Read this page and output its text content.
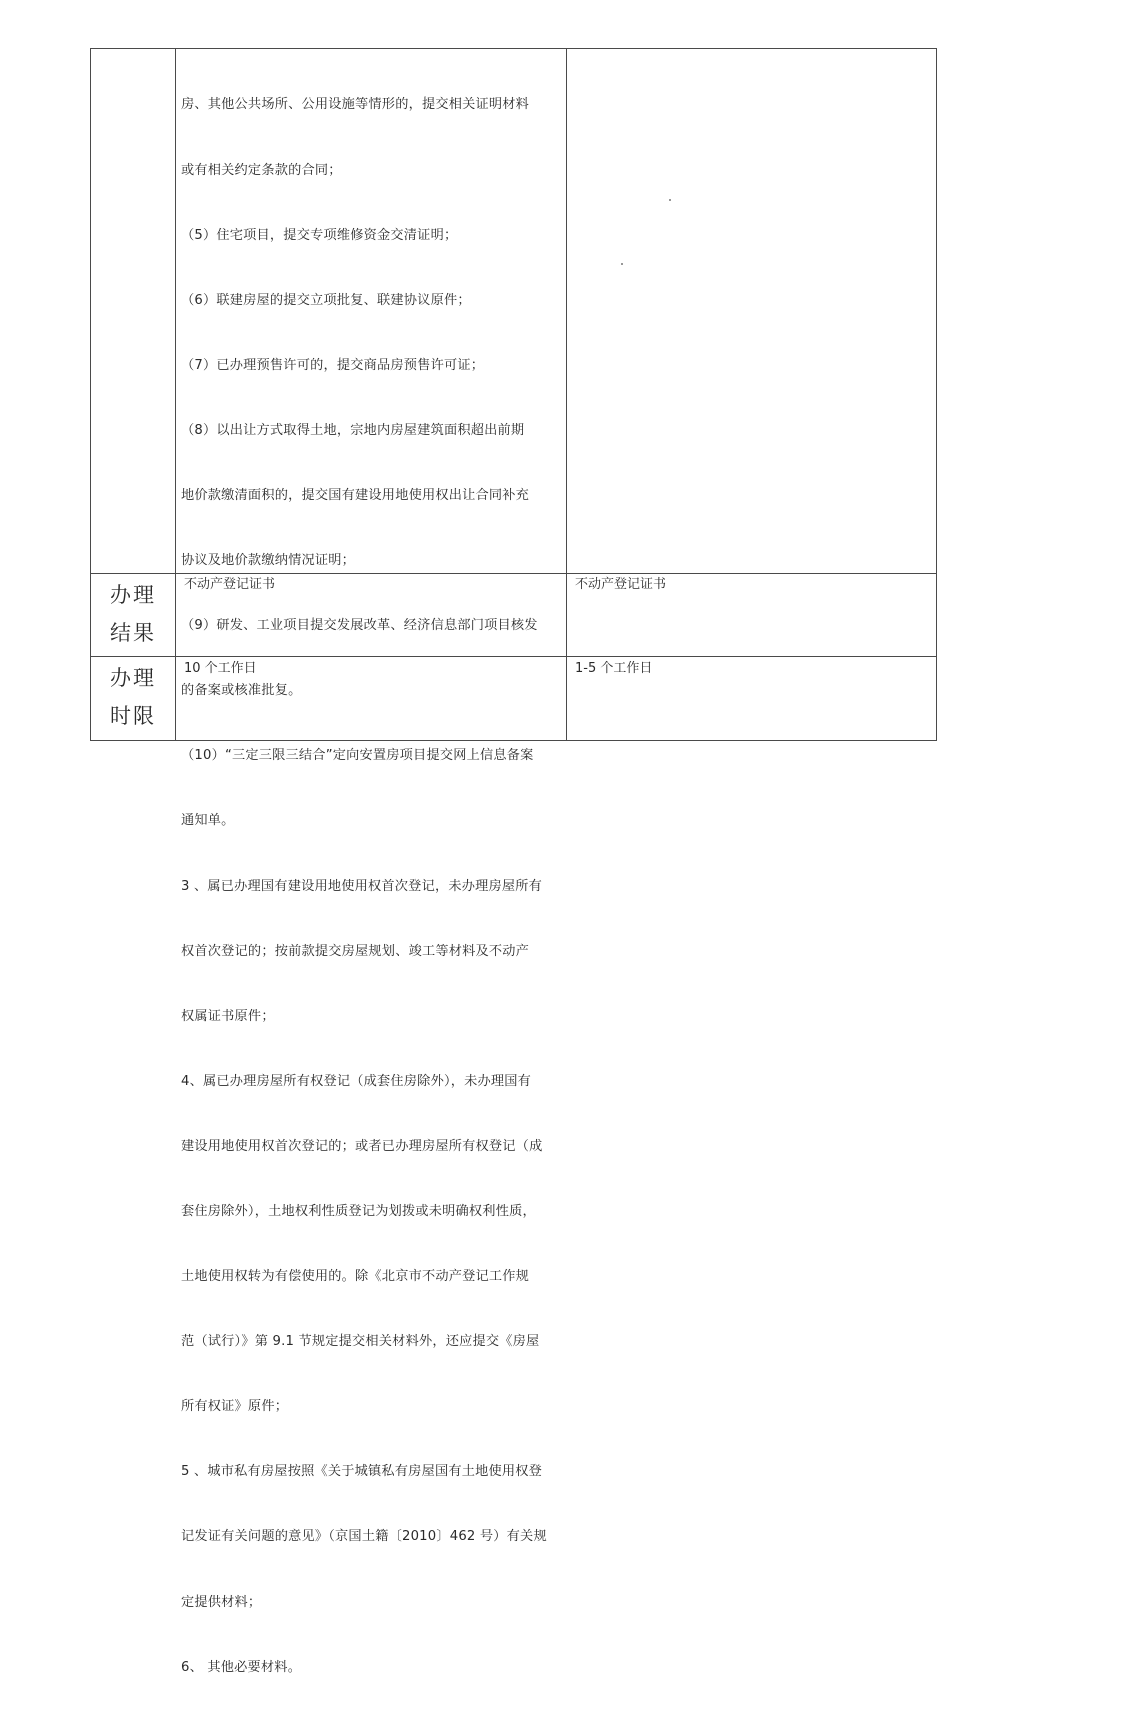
房、其他公共场所、公用设施等情形的，提交相关证明材料

或有相关约定条款的合同；

（5）住宅项目，提交专项维修资金交清证明；

（6）联建房屋的提交立项批复、联建协议原件；

（7）已办理预售许可的，提交商品房预售许可证；

（8）以出让方式取得土地，宗地内房屋建筑面积超出前期

地价款缴清面积的，提交国有建设用地使用权出让合同补充

协议及地价款缴纳情况证明；

（9）研发、工业项目提交发展改革、经济信息部门项目核发

的备案或核准批复。

（10）“三定三限三结合”定向安置房项目提交网上信息备案

通知单。

3 、属已办理国有建设用地使用权首次登记，未办理房屋所有

权首次登记的；按前款提交房屋规划、竣工等材料及不动产

权属证书原件；

4、属已办理房屋所有权登记（成套住房除外），未办理国有

建设用地使用权首次登记的；或者已办理房屋所有权登记（成

套住房除外），土地权利性质登记为划拨或未明确权利性质，

土地使用权转为有偿使用的。除《北京市不动产登记工作规

范（试行）》第 9.1 节规定提交相关材料外，还应提交《房屋

所有权证》原件；

5 、城市私有房屋按照《关于城镇私有房屋国有土地使用权登

记发证有关问题的意见》（京国土籍〔2010〕462 号）有关规

定提供材料；

6、 其他必要材料。

办理
结果
不动产登记证书	不动产登记证书
办理
时限
10 个工作日	1-5 个工作日
